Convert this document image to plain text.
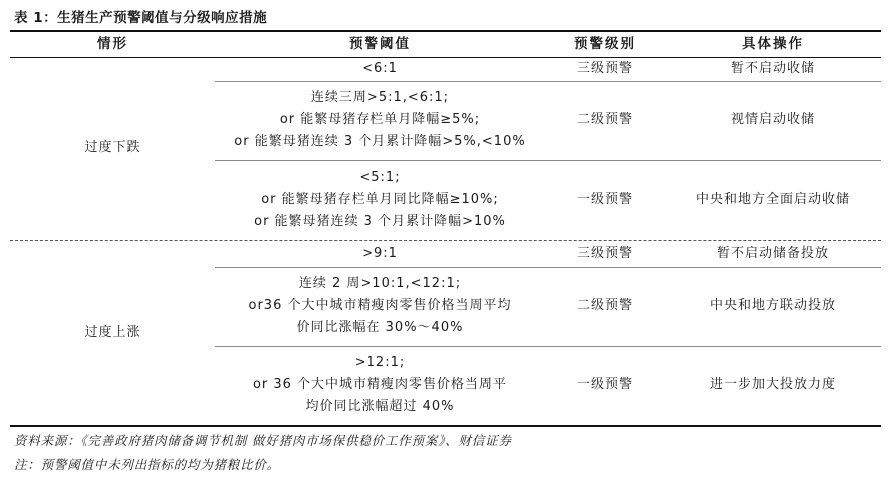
表 1：生猪生产预警阈值与分级响应措施
情形	预警阈值	预警级别	具体操作
过度下跌
<6:1	三级预警	暂不启动收储
连续三周>5:1,<6:1;
or 能繁母猪存栏单月降幅≥5%;
or 能繁母猪连续 3 个月累计降幅>5%,<10%
二级预警	视情启动收储
<5:1;
or 能繁母猪存栏单月同比降幅≥10%;
or 能繁母猪连续 3 个月累计降幅>10%
一级预警	中央和地方全面启动收储
过度上涨
>9:1	三级预警	暂不启动储备投放
连续 2 周>10:1,<12:1;
or36 个大中城市精瘦肉零售价格当周平均
价同比涨幅在 30%～40%
二级预警	中央和地方联动投放
>12:1;
or 36 个大中城市精瘦肉零售价格当周平
均价同比涨幅超过 40%
一级预警	进一步加大投放力度
资料来源：《完善政府猪肉储备调节机制 做好猪肉市场保供稳价工作预案》、财信证券
注：预警阈值中未列出指标的均为猪粮比价。
